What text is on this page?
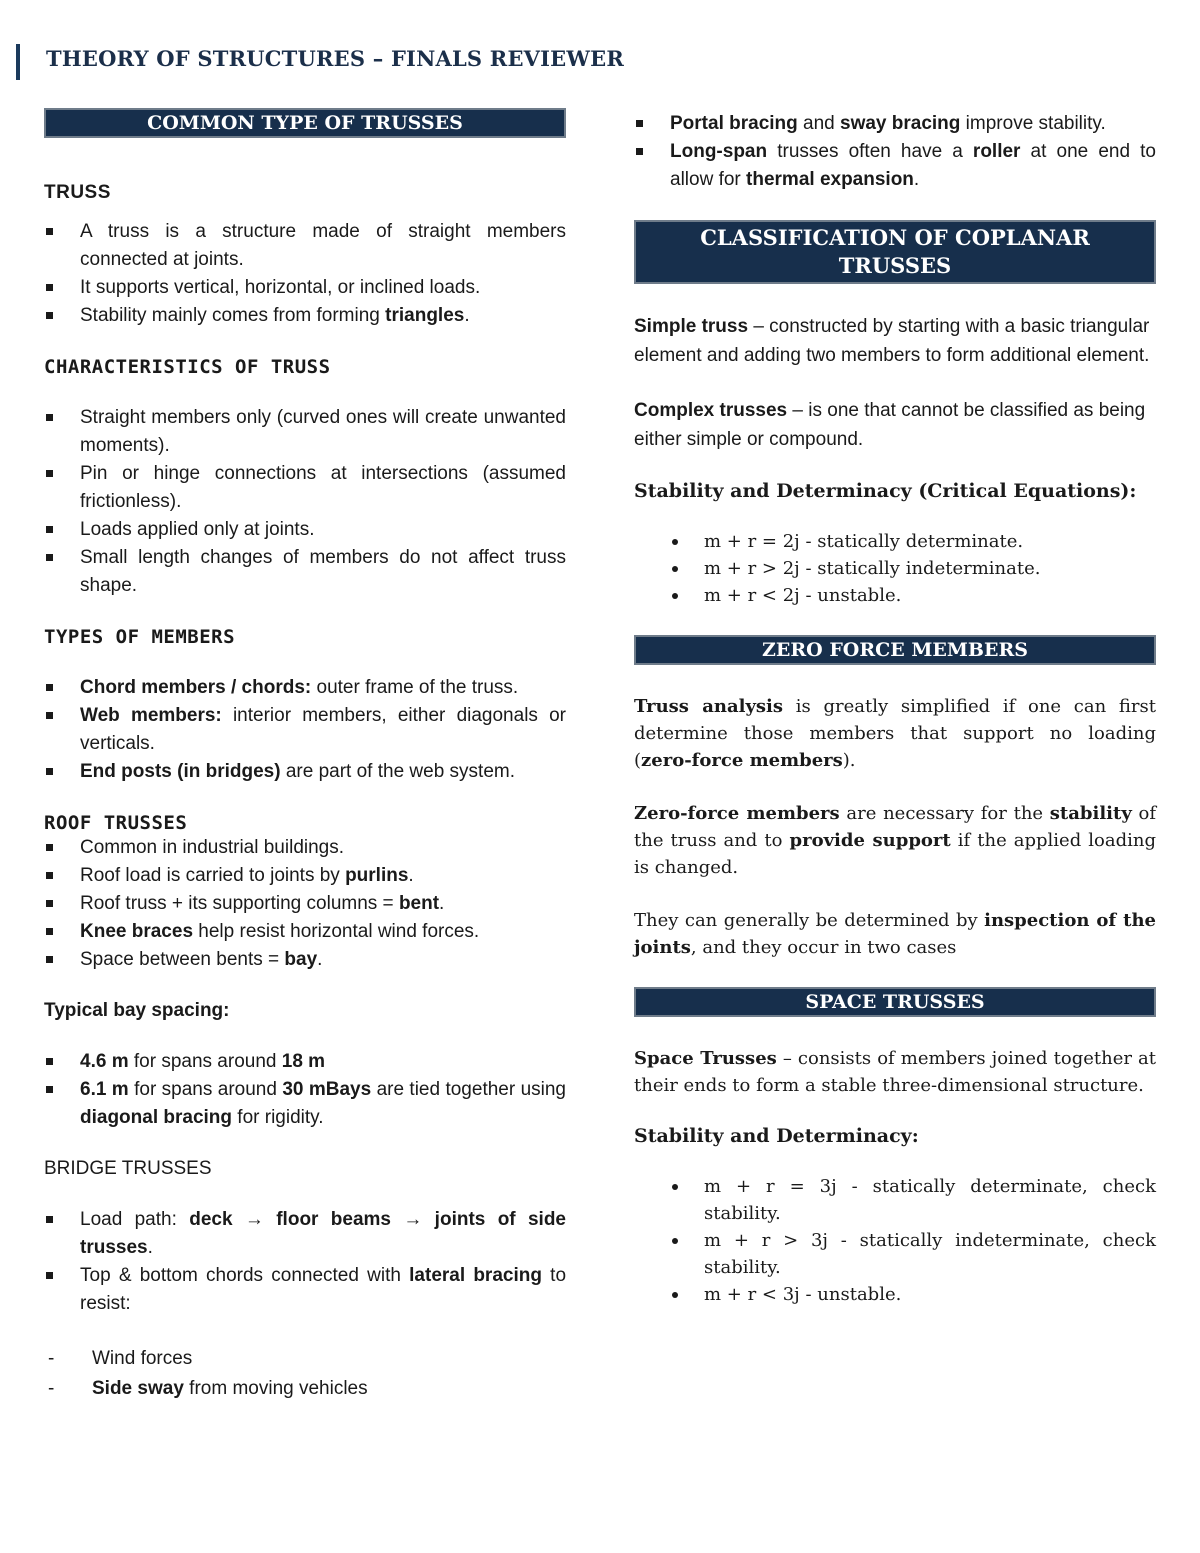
THEORY OF STRUCTURES – FINALS REVIEWER
COMMON TYPE OF TRUSSES
TRUSS
A truss is a structure made of straight members connected at joints.
It supports vertical, horizontal, or inclined loads.
Stability mainly comes from forming triangles.
CHARACTERISTICS OF TRUSS
Straight members only (curved ones will create unwanted moments).
Pin or hinge connections at intersections (assumed frictionless).
Loads applied only at joints.
Small length changes of members do not affect truss shape.
TYPES OF MEMBERS
Chord members / chords: outer frame of the truss.
Web members: interior members, either diagonals or verticals.
End posts (in bridges) are part of the web system.
ROOF TRUSSES
Common in industrial buildings.
Roof load is carried to joints by purlins.
Roof truss + its supporting columns = bent.
Knee braces help resist horizontal wind forces.
Space between bents = bay.
Typical bay spacing:
4.6 m for spans around 18 m
6.1 m for spans around 30 mBays are tied together using diagonal bracing for rigidity.
BRIDGE TRUSSES
Load path: deck → floor beams → joints of side trusses.
Top & bottom chords connected with lateral bracing to resist:
- Wind forces
- Side sway from moving vehicles
Portal bracing and sway bracing improve stability.
Long-span trusses often have a roller at one end to allow for thermal expansion.
CLASSIFICATION OF COPLANAR
TRUSSES

Simple truss – constructed by starting with a basic triangular element and adding two members to form additional element.

Complex trusses – is one that cannot be classified as being either simple or compound.

Stability and Determinacy (Critical Equations):
m + r = 2j - statically determinate.
m + r > 2j - statically indeterminate.
m + r < 2j - unstable.
ZERO FORCE MEMBERS

Truss analysis is greatly simplified if one can first determine those members that support no loading (zero-force members).

Zero-force members are necessary for the stability of the truss and to provide support if the applied loading is changed.

They can generally be determined by inspection of the joints, and they occur in two cases

SPACE TRUSSES

Space Trusses – consists of members joined together at their ends to form a stable three-dimensional structure.

Stability and Determinacy:
m + r = 3j - statically determinate, check stability.
m + r > 3j - statically indeterminate, check stability.
m + r < 3j - unstable.
